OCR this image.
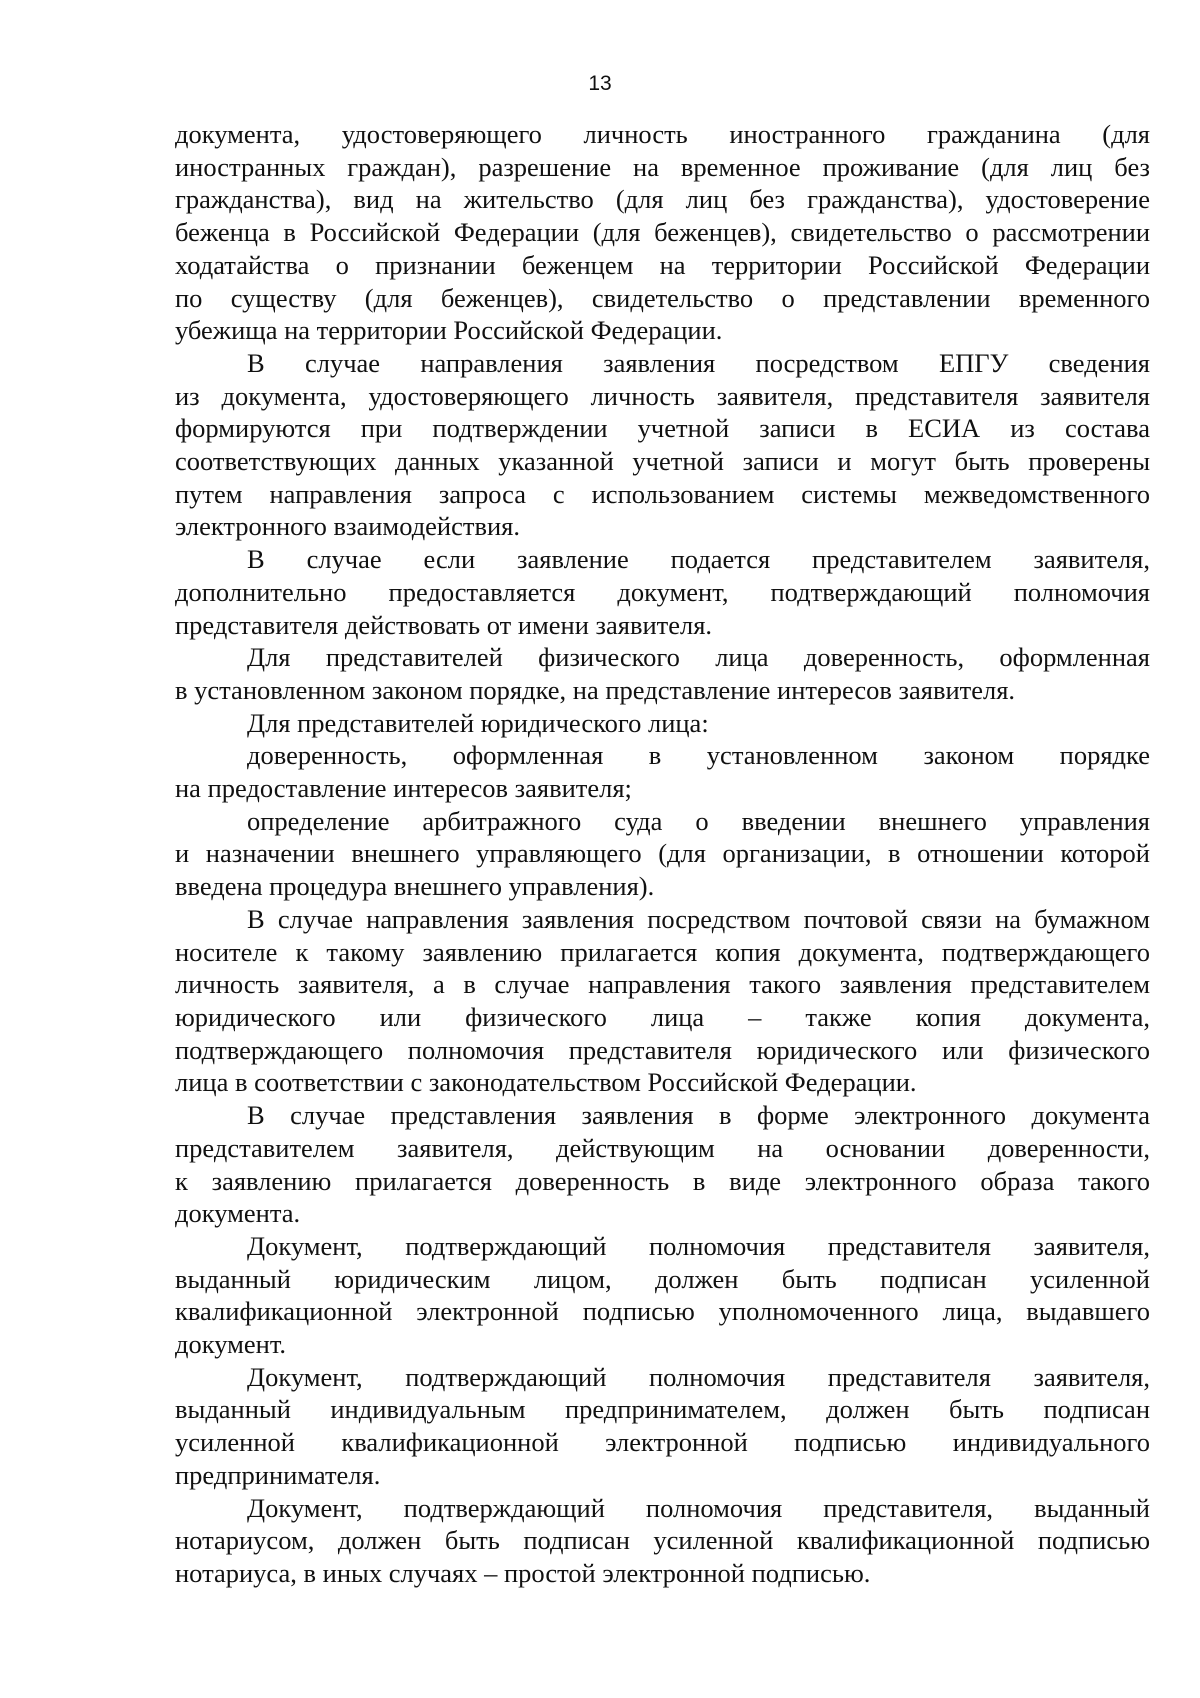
13
документа, удостоверяющего личность иностранного гражданина (для
иностранных граждан), разрешение на временное проживание (для лиц без
гражданства), вид на жительство (для лиц без гражданства), удостоверение
беженца в Российской Федерации (для беженцев), свидетельство о рассмотрении
ходатайства о признании беженцем на территории Российской Федерации
по существу (для беженцев), свидетельство о представлении временного
убежища на территории Российской Федерации.
В случае направления заявления посредством ЕПГУ сведения
из документа, удостоверяющего личность заявителя, представителя заявителя
формируются при подтверждении учетной записи в ЕСИА из состава
соответствующих данных указанной учетной записи и могут быть проверены
путем направления запроса с использованием системы межведомственного
электронного взаимодействия.
В случае если заявление подается представителем заявителя,
дополнительно предоставляется документ, подтверждающий полномочия
представителя действовать от имени заявителя.
Для представителей физического лица доверенность, оформленная
в установленном законом порядке, на представление интересов заявителя.
Для представителей юридического лица:
доверенность, оформленная в установленном законом порядке
на предоставление интересов заявителя;
определение арбитражного суда о введении внешнего управления
и назначении внешнего управляющего (для организации, в отношении которой
введена процедура внешнего управления).
В случае направления заявления посредством почтовой связи на бумажном
носителе к такому заявлению прилагается копия документа, подтверждающего
личность заявителя, а в случае направления такого заявления представителем
юридического или физического лица – также копия документа,
подтверждающего полномочия представителя юридического или физического
лица в соответствии с законодательством Российской Федерации.
В случае представления заявления в форме электронного документа
представителем заявителя, действующим на основании доверенности,
к заявлению прилагается доверенность в виде электронного образа такого
документа.
Документ, подтверждающий полномочия представителя заявителя,
выданный юридическим лицом, должен быть подписан усиленной
квалификационной электронной подписью уполномоченного лица, выдавшего
документ.
Документ, подтверждающий полномочия представителя заявителя,
выданный индивидуальным предпринимателем, должен быть подписан
усиленной квалификационной электронной подписью индивидуального
предпринимателя.
Документ, подтверждающий полномочия представителя, выданный
нотариусом, должен быть подписан усиленной квалификационной подписью
нотариуса, в иных случаях – простой электронной подписью.
